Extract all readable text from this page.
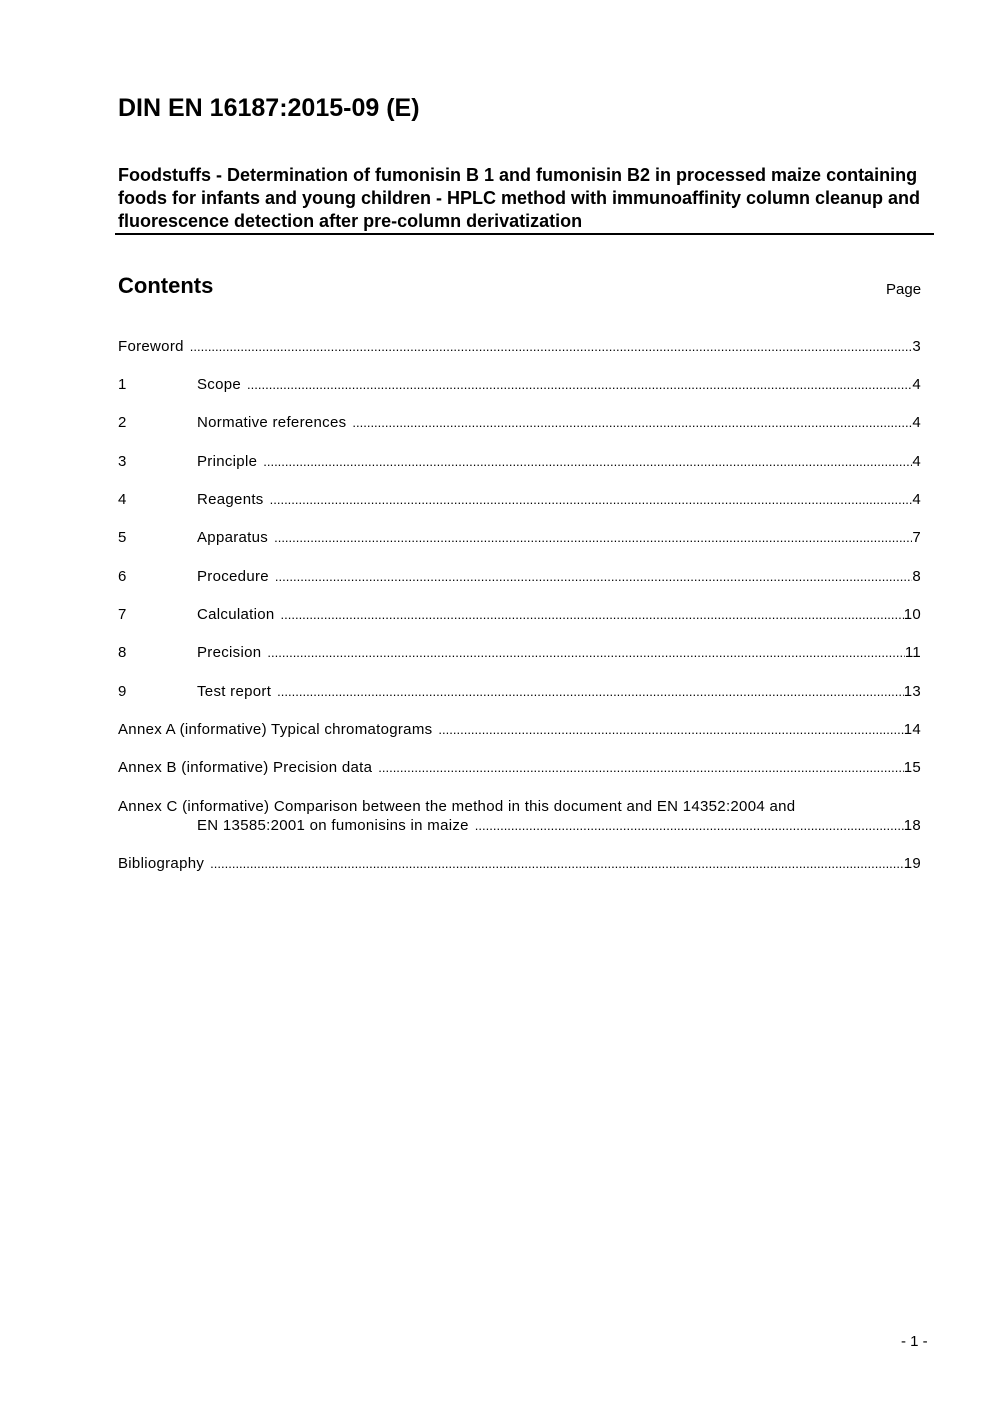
DIN EN 16187:2015-09 (E)
Foodstuffs - Determination of fumonisin B 1 and fumonisin B2 in processed maize containing foods for infants and young children - HPLC method with immunoaffinity column cleanup and fluorescence detection after pre-column derivatization
Contents	Page
Foreword .....	3
1	Scope .....	4
2	Normative references .....	4
3	Principle .....	4
4	Reagents .....	4
5	Apparatus .....	7
6	Procedure .....	8
7	Calculation .....	10
8	Precision .....	11
9	Test report .....	13
Annex A (informative) Typical chromatograms .....	14
Annex B (informative) Precision data .....	15
Annex C (informative) Comparison between the method in this document and EN 14352:2004 and
EN 13585:2001 on fumonisins in maize .....	18
Bibliography .....	19
- 1 -
